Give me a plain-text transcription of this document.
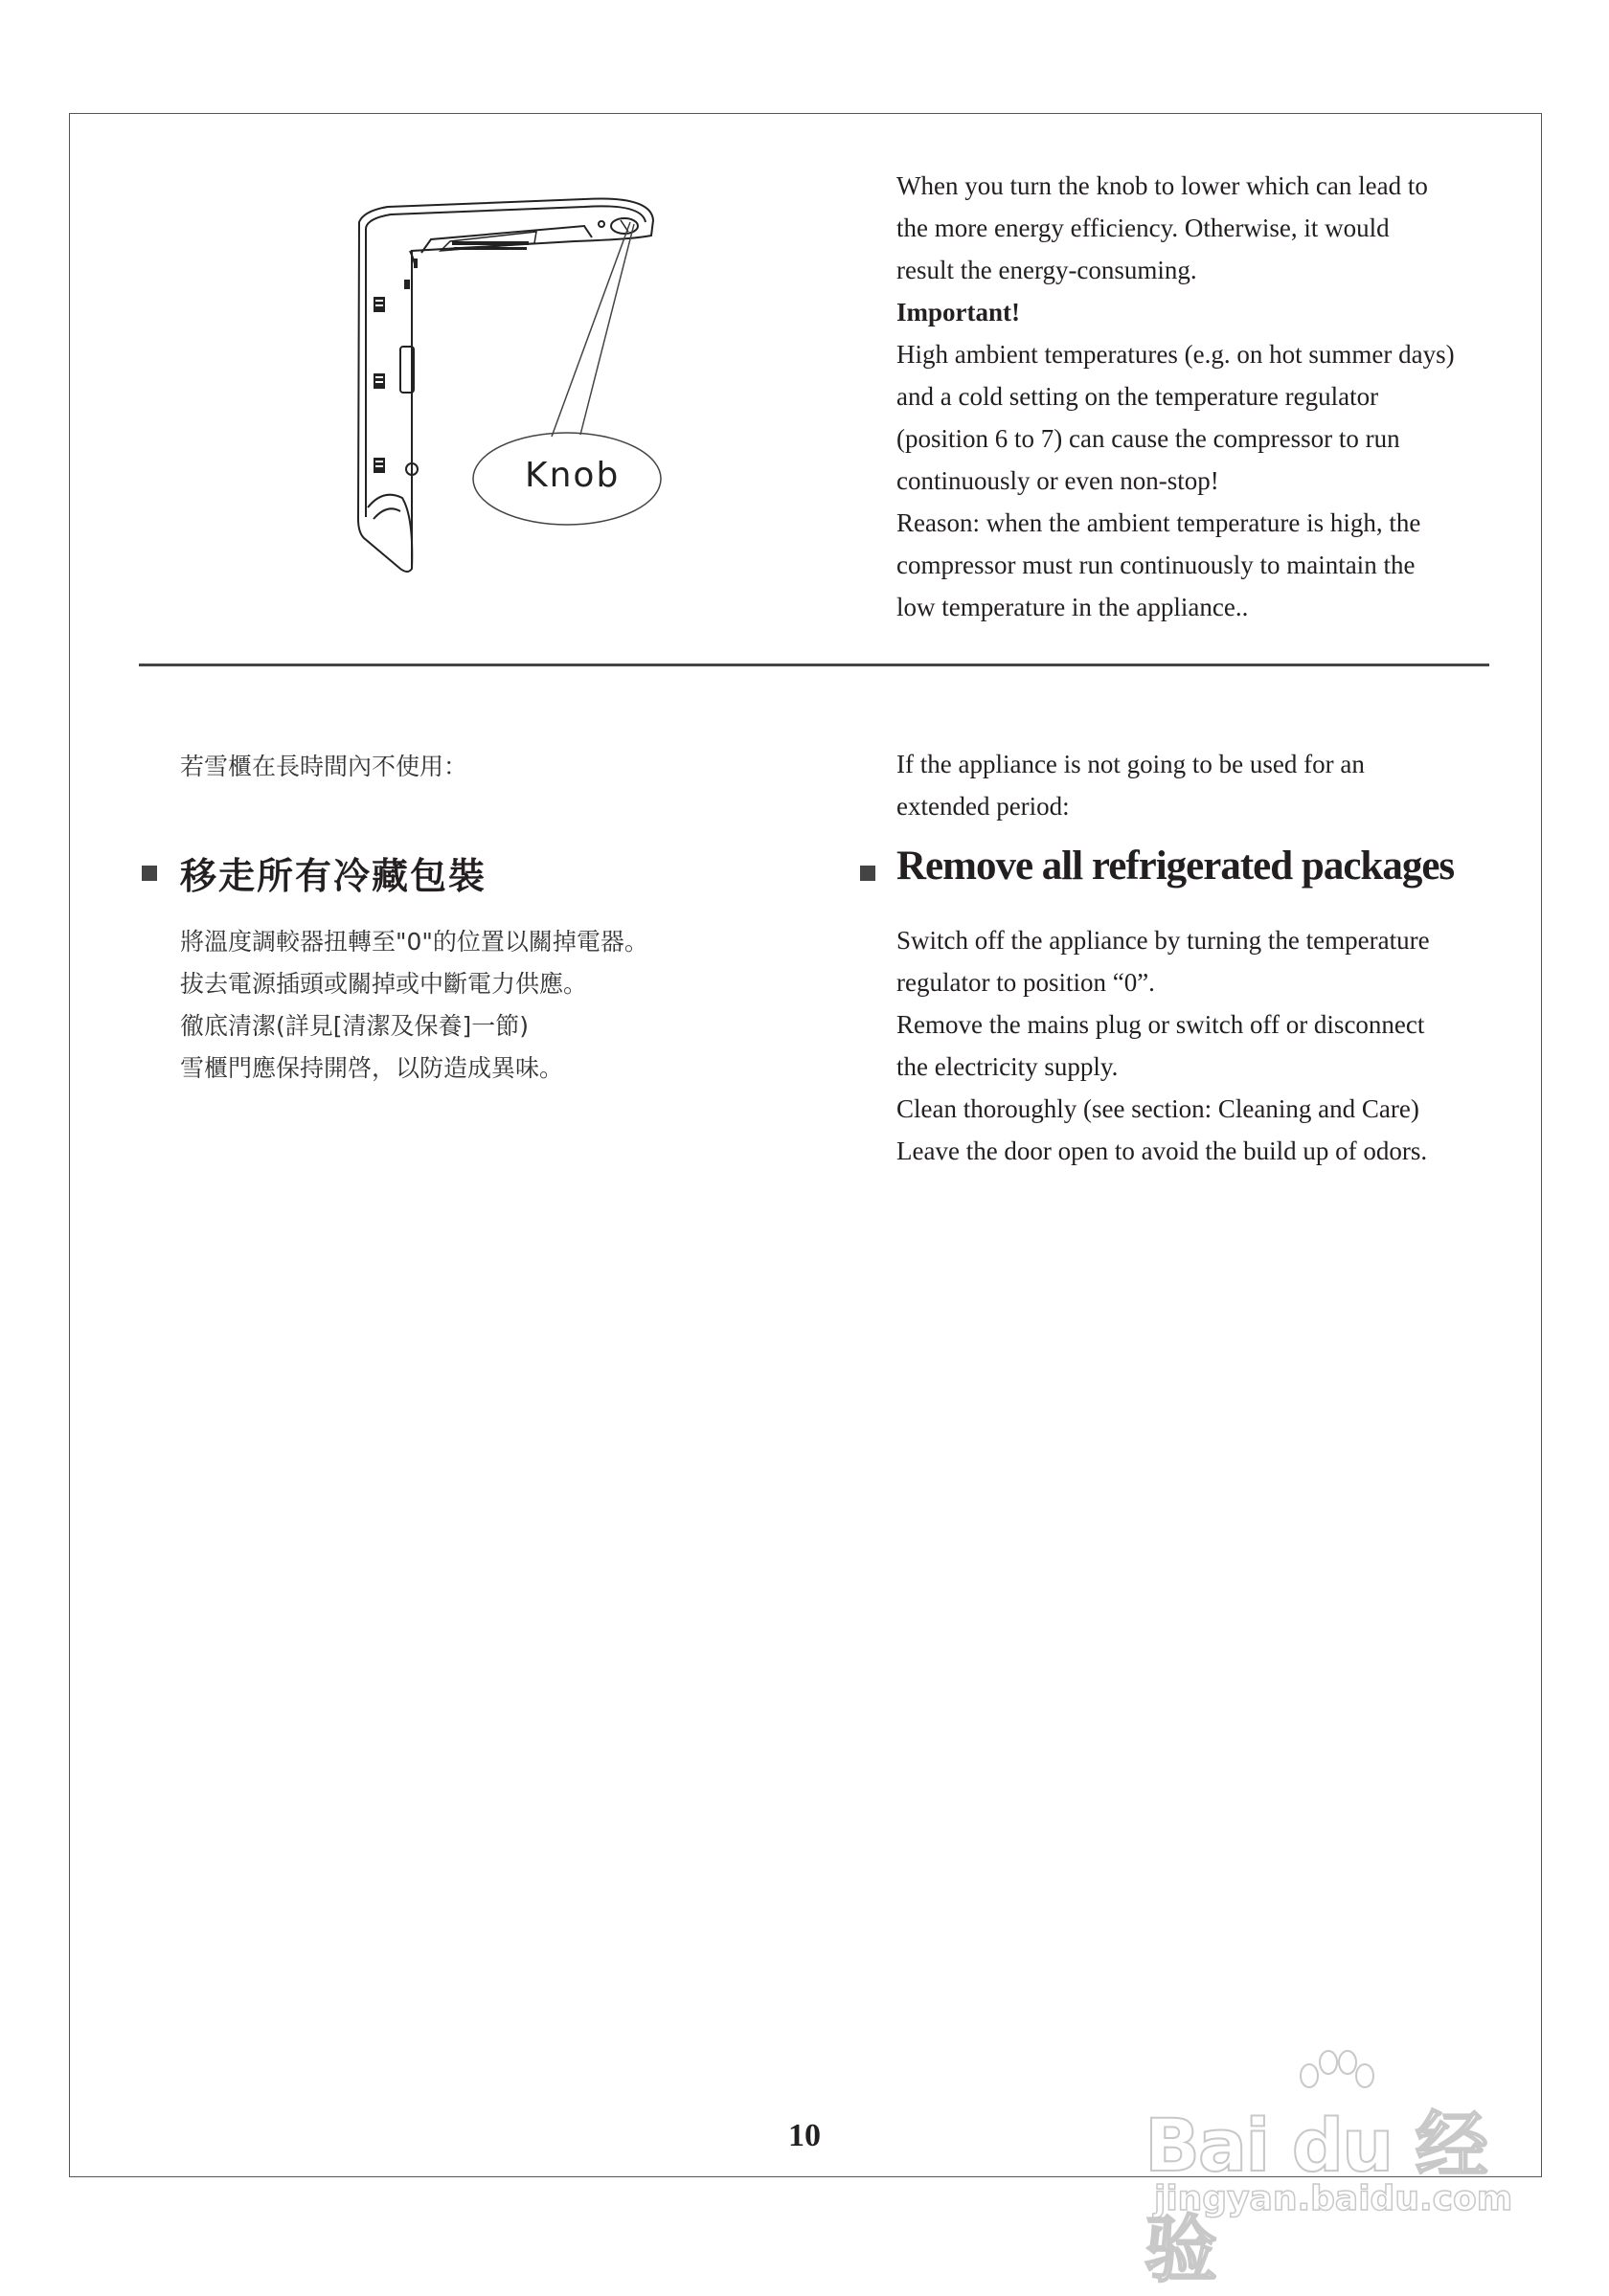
Knob

When you turn the knob to lower which can lead to

the more energy efficiency. Otherwise, it would

result the energy-consuming.

Important!

High ambient temperatures (e.g. on hot summer days)

and a cold setting on the temperature regulator

(position 6 to 7) can cause the compressor to run

continuously or even non-stop!

Reason: when the ambient temperature is high, the

compressor must run continuously to maintain the

low temperature in the appliance..

若雪櫃在長時間內不使用：
移走所有冷藏包裝
將溫度調較器扭轉至"0"的位置以關掉電器。
拔去電源插頭或關掉或中斷電力供應。
徹底清潔(詳見[清潔及保養]一節)
雪櫃門應保持開啓，以防造成異味。

If the appliance is not going to be used for an

extended period:

Remove all refrigerated packages
Switch off the appliance by turning the temperature
regulator to position “0”.
Remove the mains plug or switch off or disconnect
the electricity supply.
Clean thoroughly (see section: Cleaning and Care)
Leave the door open to avoid the build up of odors.
10	Bai du 经验
jingyan.baidu.com
